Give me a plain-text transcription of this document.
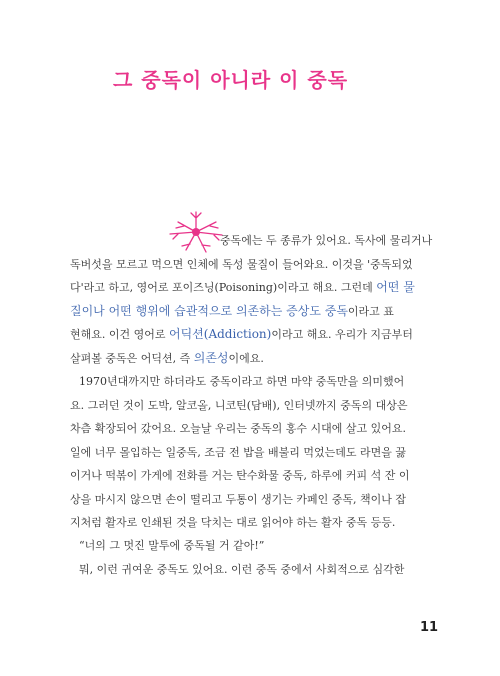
그 중독이 아니라 이 중독

중독에는 두 종류가 있어요. 독사에 물리거나
독버섯을 모르고 먹으면 인체에 독성 물질이 들어와요. 이것을 '중독되었
다'라고 하고, 영어로 포이즈닝(Poisoning)이라고 해요. 그런데 어떤 물
질이나 어떤 행위에 습관적으로 의존하는 증상도 중독이라고 표
현해요. 이건 영어로 어딕션(Addiction)이라고 해요. 우리가 지금부터
살펴볼 중독은 어딕션, 즉 의존성이에요.

1970년대까지만 하더라도 중독이라고 하면 마약 중독만을 의미했어
요. 그러던 것이 도박, 알코올, 니코틴(담배), 인터넷까지 중독의 대상은
차츰 확장되어 갔어요. 오늘날 우리는 중독의 홍수 시대에 살고 있어요.
일에 너무 몰입하는 일중독, 조금 전 밥을 배불리 먹었는데도 라면을 끓
이거나 떡볶이 가게에 전화를 거는 탄수화물 중독, 하루에 커피 석 잔 이
상을 마시지 않으면 손이 떨리고 두통이 생기는 카페인 중독, 책이나 잡
지처럼 활자로 인쇄된 것을 닥치는 대로 읽어야 하는 활자 중독 등등.

“너의 그 멋진 말투에 중독될 거 같아!”

뭐, 이런 귀여운 중독도 있어요. 이런 중독 중에서 사회적으로 심각한

11
